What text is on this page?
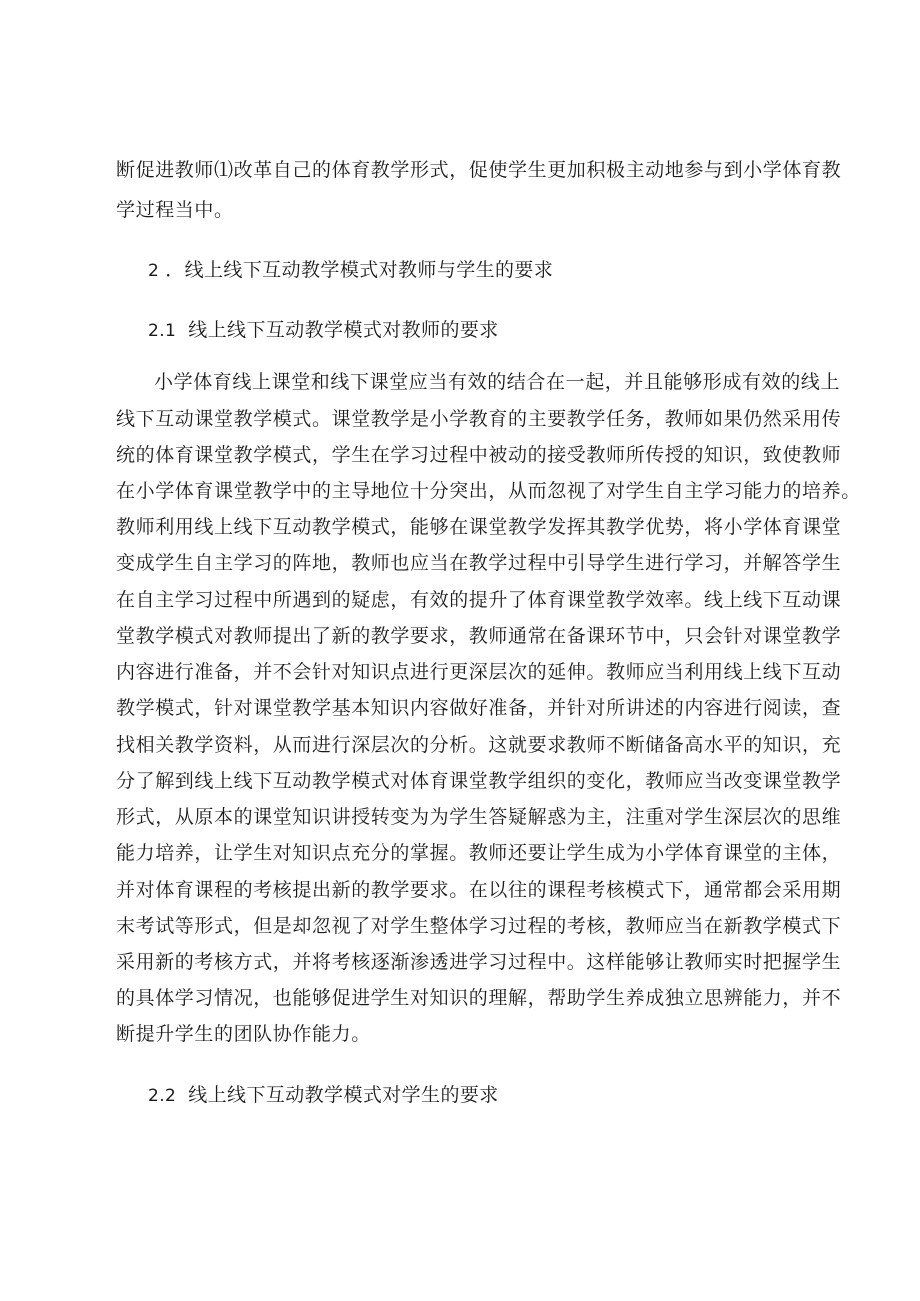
断促进教师⑴改革自己的体育教学形式，促使学生更加积极主动地参与到小学体育教
学过程当中。
2 ．线上线下互动教学模式对教师与学生的要求
2.1 线上线下互动教学模式对教师的要求
小学体育线上课堂和线下课堂应当有效的结合在一起，并且能够形成有效的线上
线下互动课堂教学模式。课堂教学是小学教育的主要教学任务，教师如果仍然采用传
统的体育课堂教学模式，学生在学习过程中被动的接受教师所传授的知识，致使教师
在小学体育课堂教学中的主导地位十分突出，从而忽视了对学生自主学习能力的培养。
教师利用线上线下互动教学模式，能够在课堂教学发挥其教学优势，将小学体育课堂
变成学生自主学习的阵地，教师也应当在教学过程中引导学生进行学习，并解答学生
在自主学习过程中所遇到的疑虑，有效的提升了体育课堂教学效率。线上线下互动课
堂教学模式对教师提出了新的教学要求，教师通常在备课环节中，只会针对课堂教学
内容进行准备，并不会针对知识点进行更深层次的延伸。教师应当利用线上线下互动
教学模式，针对课堂教学基本知识内容做好准备，并针对所讲述的内容进行阅读，查
找相关教学资料，从而进行深层次的分析。这就要求教师不断储备高水平的知识，充
分了解到线上线下互动教学模式对体育课堂教学组织的变化，教师应当改变课堂教学
形式，从原本的课堂知识讲授转变为为学生答疑解惑为主，注重对学生深层次的思维
能力培养，让学生对知识点充分的掌握。教师还要让学生成为小学体育课堂的主体，
并对体育课程的考核提出新的教学要求。在以往的课程考核模式下，通常都会采用期
末考试等形式，但是却忽视了对学生整体学习过程的考核，教师应当在新教学模式下
采用新的考核方式，并将考核逐渐渗透进学习过程中。这样能够让教师实时把握学生
的具体学习情况，也能够促进学生对知识的理解，帮助学生养成独立思辨能力，并不
断提升学生的团队协作能力。
2.2 线上线下互动教学模式对学生的要求
